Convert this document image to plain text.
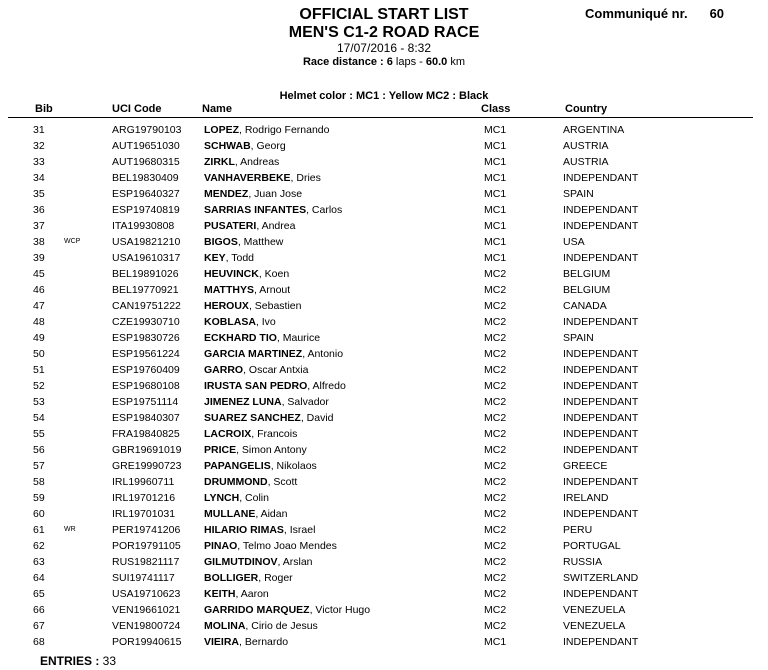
OFFICIAL START LIST
MEN'S C1-2 ROAD RACE
17/07/2016 - 8:32
Race distance : 6 laps - 60.0 km
Communiqué nr. 60
Helmet color : MC1 : Yellow MC2 : Black
Bib	UCI Code	Name	Class	Country
31	ARG19790103 LOPEZ, Rodrigo Fernando	MC1	ARGENTINA
32	AUT19651030 SCHWAB, Georg	MC1	AUSTRIA
33	AUT19680315 ZIRKL, Andreas	MC1	AUSTRIA
34	BEL19830409 VANHAVERBEKE, Dries	MC1	INDEPENDANT
35	ESP19640327 MENDEZ, Juan Jose	MC1	SPAIN
36	ESP19740819 SARRIAS INFANTES, Carlos	MC1	INDEPENDANT
37	ITA19930808	PUSATERI, Andrea	MC1	INDEPENDANT
38	WCP	USA19821210 BIGOS, Matthew	MC1	USA
39	USA19610317 KEY, Todd	MC1	INDEPENDANT
45	BEL19891026 HEUVINCK, Koen	MC2	BELGIUM
46	BEL19770921 MATTHYS, Arnout	MC2	BELGIUM
47	CAN19751222 HEROUX, Sebastien	MC2	CANADA
48	CZE19930710 KOBLASA, Ivo	MC2	INDEPENDANT
49	ESP19830726 ECKHARD TIO, Maurice	MC2	SPAIN
50	ESP19561224 GARCIA MARTINEZ, Antonio	MC2	INDEPENDANT
51	ESP19760409 GARRO, Oscar Antxia	MC2	INDEPENDANT
52	ESP19680108 IRUSTA SAN PEDRO, Alfredo	MC2	INDEPENDANT
53	ESP19751114 JIMENEZ LUNA, Salvador	MC2	INDEPENDANT
54	ESP19840307 SUAREZ SANCHEZ, David	MC2	INDEPENDANT
55	FRA19840825 LACROIX, Francois	MC2	INDEPENDANT
56	GBR19691019 PRICE, Simon Antony	MC2	INDEPENDANT
57	GRE19990723 PAPANGELIS, Nikolaos	MC2	GREECE
58	IRL19960711	DRUMMOND, Scott	MC2	INDEPENDANT
59	IRL19701216	LYNCH, Colin	MC2	IRELAND
60	IRL19701031	MULLANE, Aidan	MC2	INDEPENDANT
61	WR	PER19741206 HILARIO RIMAS, Israel	MC2	PERU
62	POR19791105 PINAO, Telmo Joao Mendes	MC2	PORTUGAL
63	RUS19821117 GILMUTDINOV, Arslan	MC2	RUSSIA
64	SUI19741117	BOLLIGER, Roger	MC2	SWITZERLAND
65	USA19710623 KEITH, Aaron	MC2	INDEPENDANT
66	VEN19661021 GARRIDO MARQUEZ, Victor Hugo	MC2	VENEZUELA
67	VEN19800724 MOLINA, Cirio de Jesus	MC2	VENEZUELA
68	POR19940615 VIEIRA, Bernardo	MC1	INDEPENDANT
ENTRIES : 33
